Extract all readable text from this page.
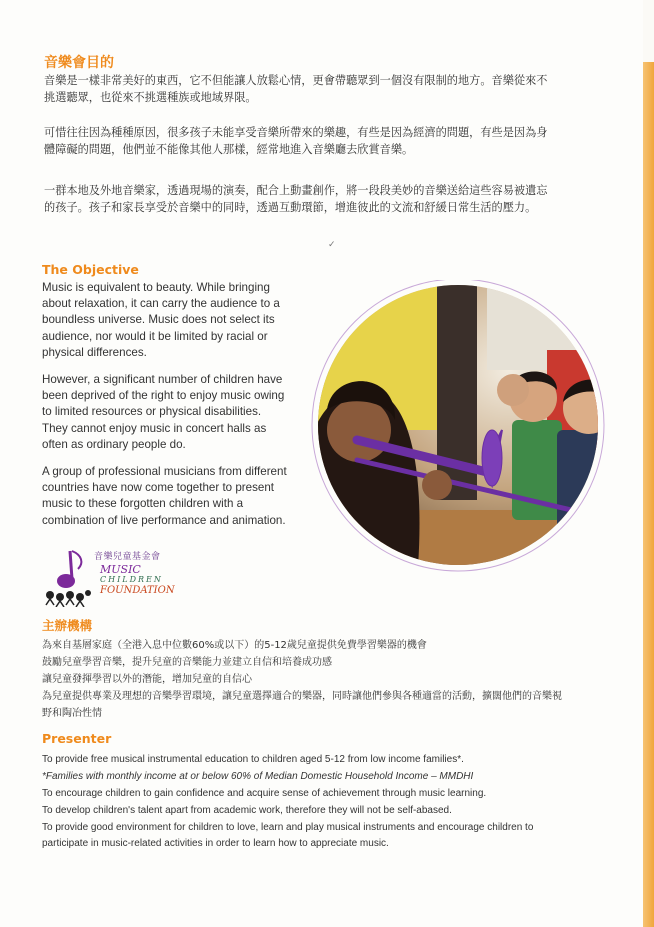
音樂會目的

音樂是一樣非常美好的東西，它不但能讓人放鬆心情，更會帶聽眾到一個沒有限制的地方。音樂從來不挑選聽眾，也從來不挑選種族或地域界限。

可惜往往因為種種原因，很多孩子未能享受音樂所帶來的樂趣，有些是因為經濟的問題，有些是因為身體障礙的問題，他們並不能像其他人那樣，經常地進入音樂廳去欣賞音樂。

一群本地及外地音樂家，透過現場的演奏，配合上動畫創作，將一段段美妙的音樂送給這些容易被遺忘的孩子。孩子和家長享受於音樂中的同時，透過互動環節，增進彼此的文流和舒緩日常生活的壓力。

✓
The Objective

Music is equivalent to beauty. While bringing about relaxation, it can carry the audience to a boundless universe. Music does not select its audience, nor would it be limited by racial or physical differences.

However, a significant number of children have been deprived of the right to enjoy music owing to limited resources or physical disabilities. They cannot enjoy music in concert halls as often as ordinary people do.

A group of professional musicians from different countries have now come together to present music to these forgotten children with a combination of live performance and animation.

音樂兒童基金會
MUSIC
CHILDREN
FOUNDATION
主辦機構

為來自基層家庭（全港入息中位數60%或以下）的5-12歲兒童提供免費學習樂器的機會

鼓勵兒童學習音樂，提升兒童的音樂能力並建立自信和培養成功感

讓兒童發揮學習以外的潛能，增加兒童的自信心

為兒童提供專業及理想的音樂學習環境，讓兒童選擇適合的樂器，同時讓他們參與各種適當的活動，擴闊他們的音樂視野和陶冶性情

Presenter

To provide free musical instrumental education to children aged 5-12 from low income families*.

*Families with monthly income at or below 60% of Median Domestic Household Income – MMDHI

To encourage children to gain confidence and acquire sense of achievement through music learning.

To develop children's talent apart from academic work, therefore they will not be self-abased.

To provide good environment for children to love, learn and play musical instruments and encourage children to participate in music-related activities in order to learn how to appreciate music.
